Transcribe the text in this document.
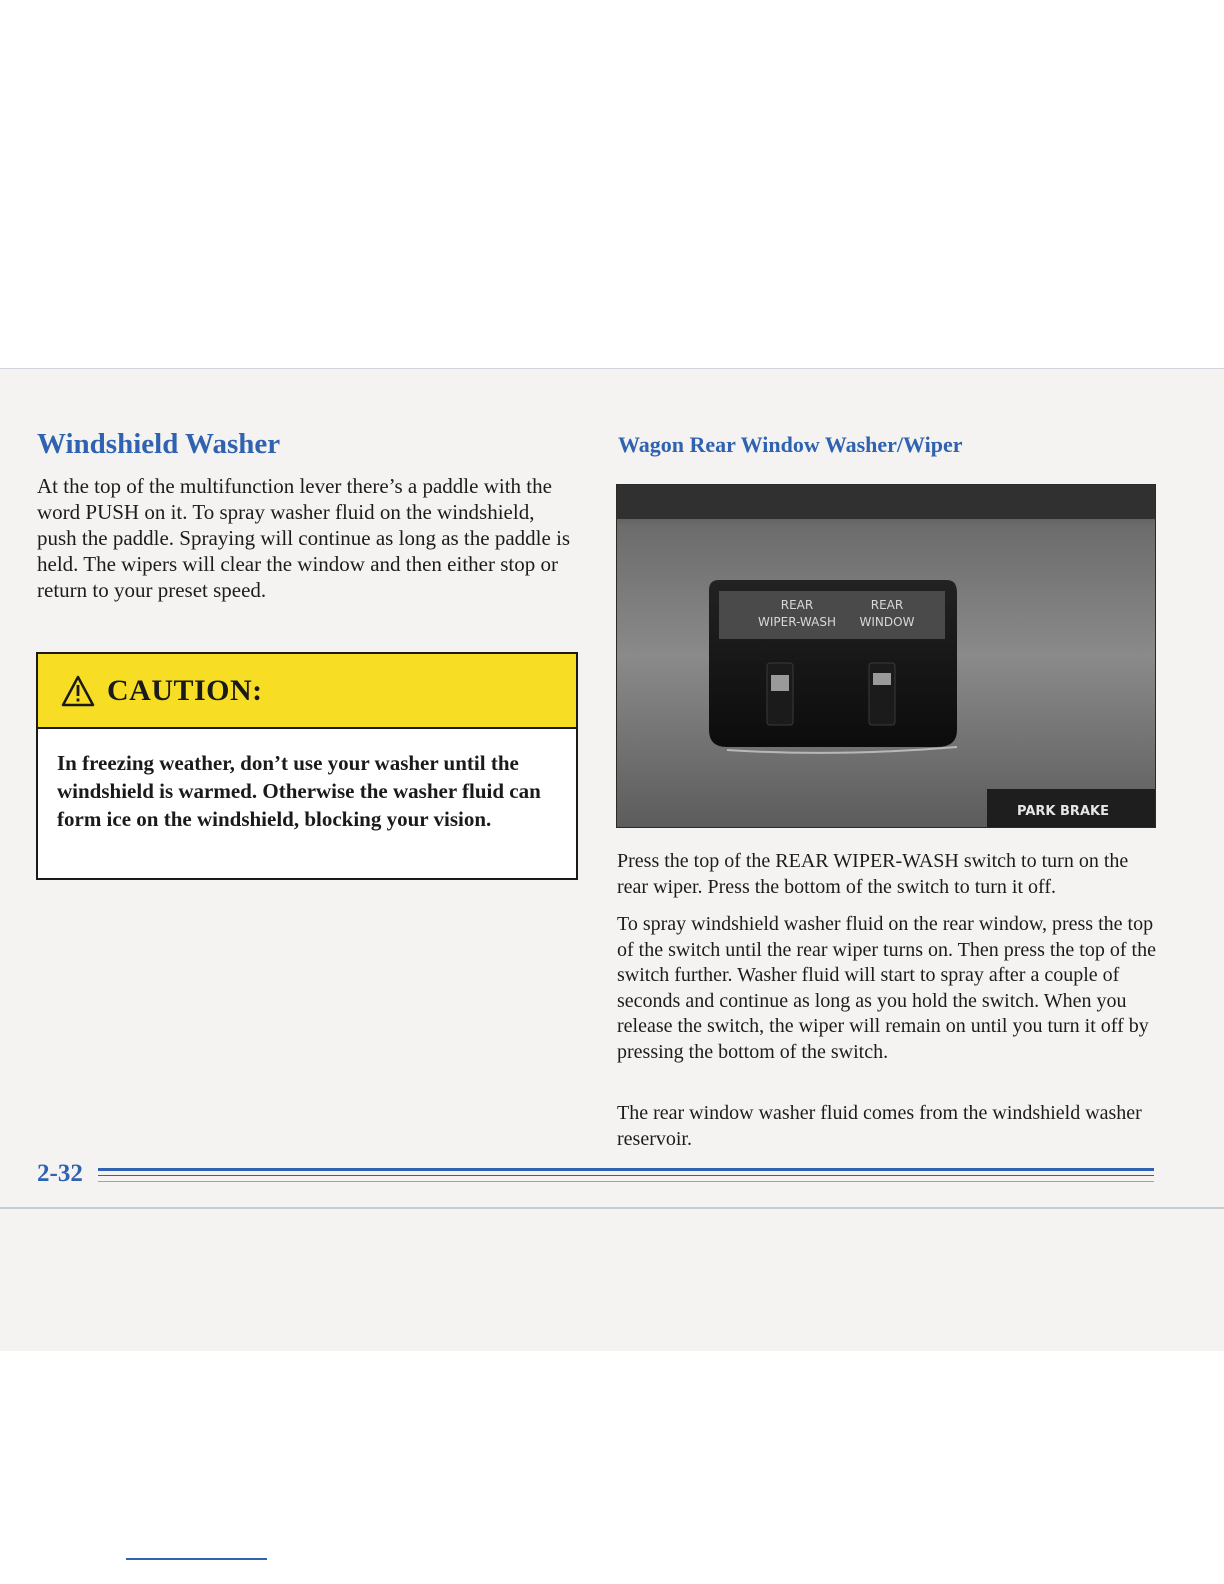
Windshield Washer

At the top of the multifunction lever there’s a paddle with the word PUSH on it. To spray washer fluid on the windshield, push the paddle. Spraying will continue as long as the paddle is held. The wipers will clear the window and then either stop or return to your preset speed.

CAUTION:

In freezing weather, don’t use your washer until the windshield is warmed. Otherwise the washer fluid can form ice on the windshield, blocking your vision.

Wagon Rear Window Washer/Wiper
REAR
WIPER-WASH
REAR
WINDOW
PARK BRAKE

Press the top of the REAR WIPER-WASH switch to turn on the rear wiper. Press the bottom of the switch to turn it off.

To spray windshield washer fluid on the rear window, press the top of the switch until the rear wiper turns on. Then press the top of the switch further. Washer fluid will start to spray after a couple of seconds and continue as long as you hold the switch. When you release the switch, the wiper will remain on until you turn it off by pressing the bottom of the switch.

The rear window washer fluid comes from the windshield washer reservoir.

2-32
